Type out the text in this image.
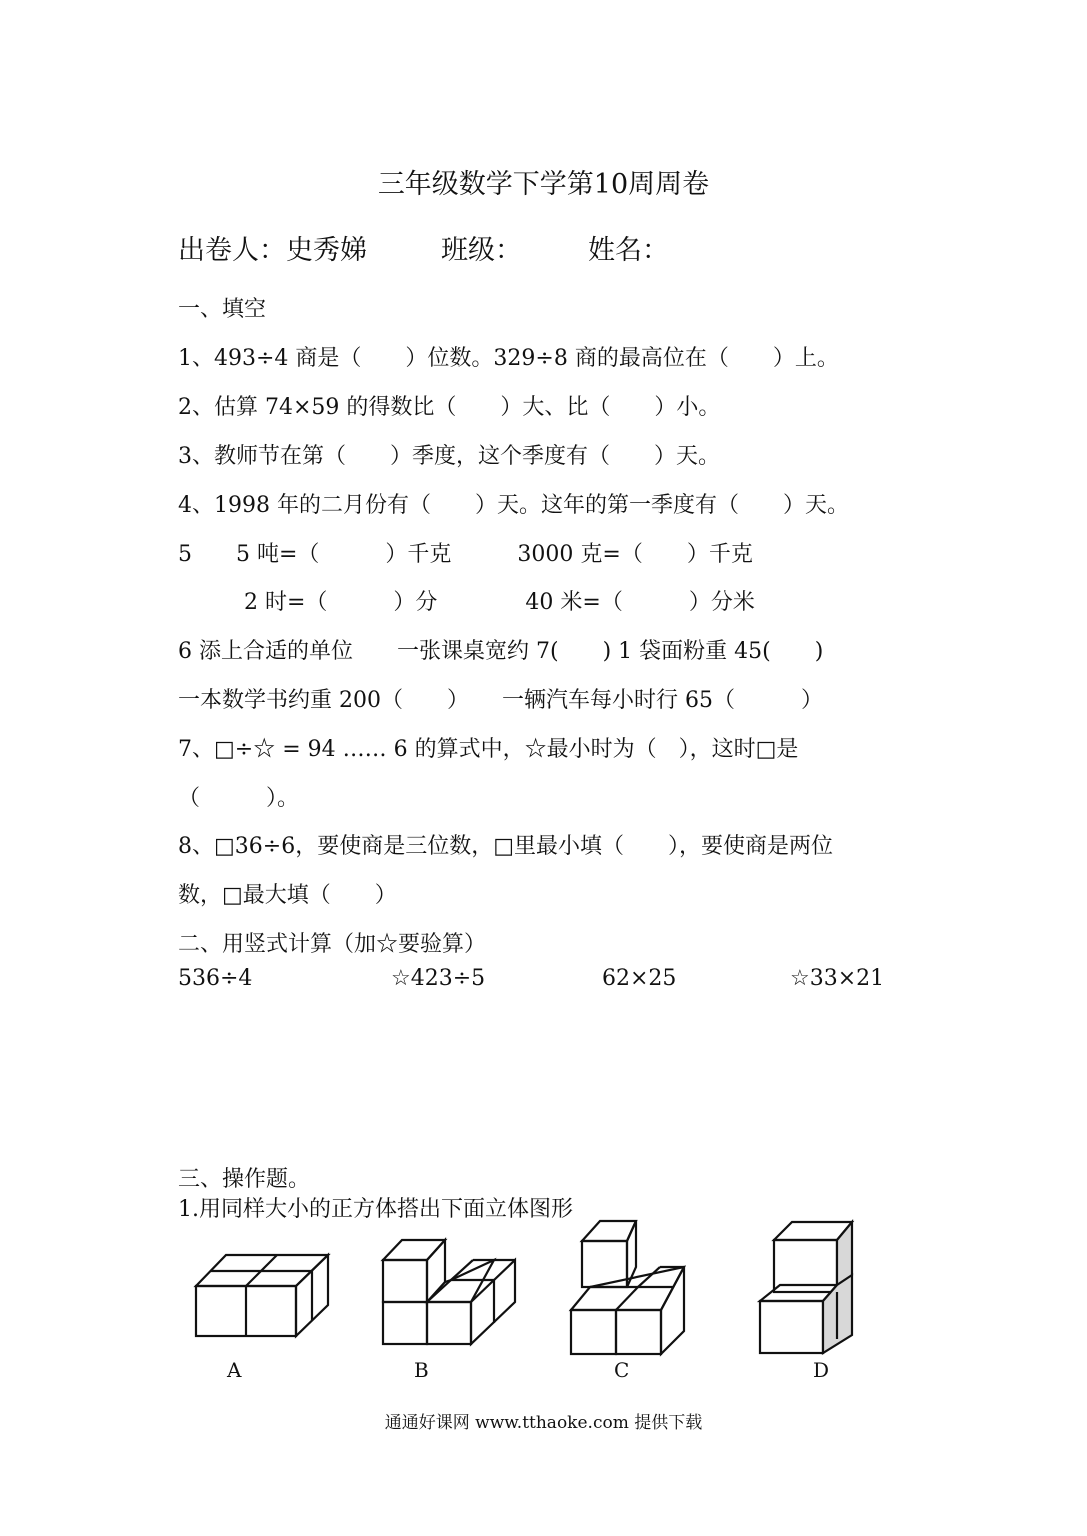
三年级数学下学第10周周卷
出卷人：史秀娣	班级： 姓名：
一、填空
1、493÷4 商是（　　）位数。329÷8 商的最高位在（　　）上。
2、估算 74×59 的得数比（　　）大、比（　　）小。
3、教师节在第（　　）季度，这个季度有（　　）天。
4、1998 年的二月份有（　　）天。这年的第一季度有（　　）天。
5　　5 吨=（　　　）千克　　　3000 克=（　　）千克
　　　2 时=（　　　）分　　　　40 米=（　　　）分米
6 添上合适的单位　　一张课桌宽约 7(　　) 1 袋面粉重 45(　　)
一本数学书约重 200（　　）　　一辆汽车每小时行 65（　　　）
7、□÷☆ = 94 …… 6 的算式中，☆最小时为（　），这时□是
（　　　）。
8、□36÷6，要使商是三位数，□里最小填（　　），要使商是两位
数，□最大填（　　）
二、用竖式计算（加☆要验算）
536÷4	☆423÷5	62×25	☆33×21
三、操作题。
1.用同样大小的正方体搭出下面立体图形
A	B	C	D
通通好课网 www.tthaoke.com 提供下载
